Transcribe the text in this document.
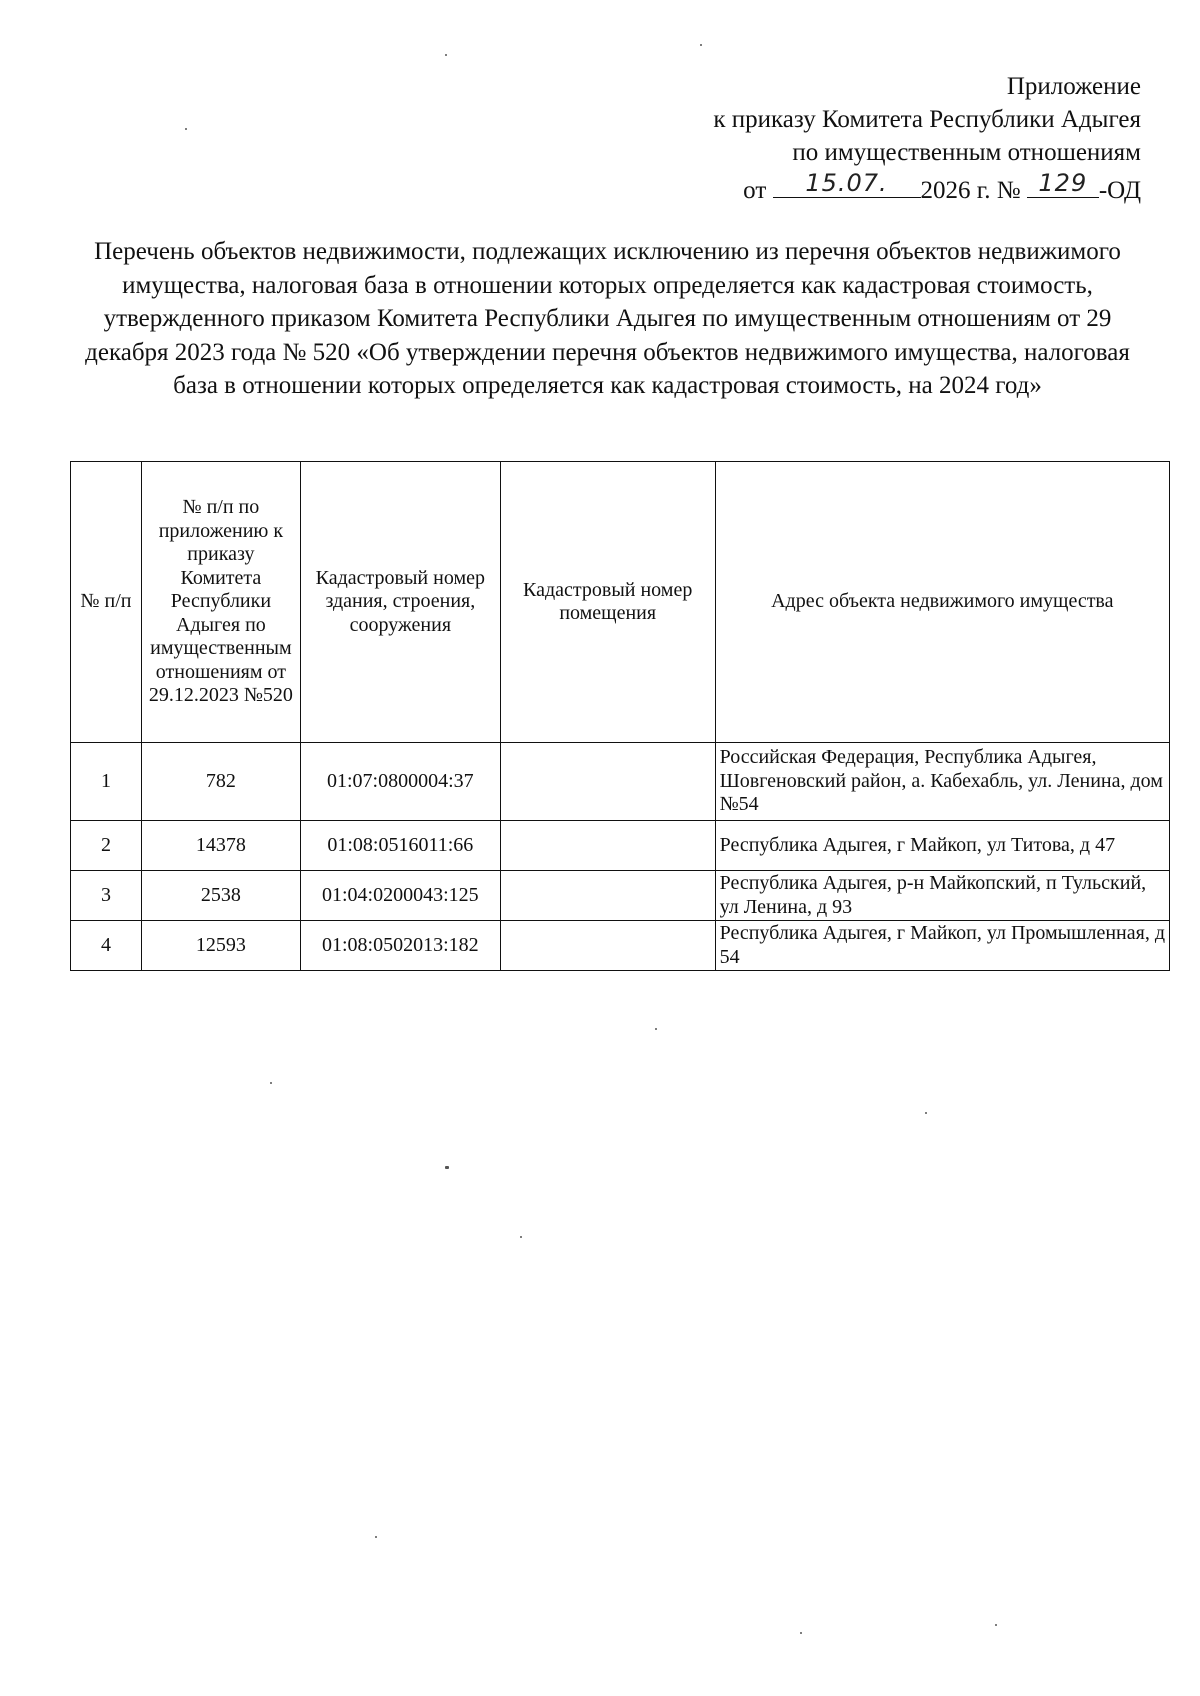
Приложение
к приказу Комитета Республики Адыгея
по имущественным отношениям
от	15.07.	2026 г. № 129 -ОД
Перечень объектов недвижимости, подлежащих исключению из перечня объектов недвижимого имущества, налоговая база в отношении которых определяется как кадастровая стоимость, утвержденного приказом Комитета Республики Адыгея по имущественным отношениям от 29 декабря 2023 года № 520 «Об утверждении перечня объектов недвижимого имущества, налоговая база в отношении которых определяется как кадастровая стоимость, на 2024 год»
№ п/п	№ п/п по приложению к приказу Комитета Республики Адыгея по имущественным отношениям от 29.12.2023 №520	Кадастровый номер здания, строения, сооружения	Кадастровый номер помещения	Адрес объекта недвижимого имущества
1	782	01:07:0800004:37		Российская Федерация, Республика Адыгея, Шовгеновский район, а. Кабехабль, ул. Ленина, дом №54
2	14378	01:08:0516011:66		Республика Адыгея, г Майкоп, ул Титова, д 47
3	2538	01:04:0200043:125		Республика Адыгея, р-н Майкопский, п Тульский, ул Ленина, д 93
4	12593	01:08:0502013:182		Республика Адыгея, г Майкоп, ул Промышленная, д 54
